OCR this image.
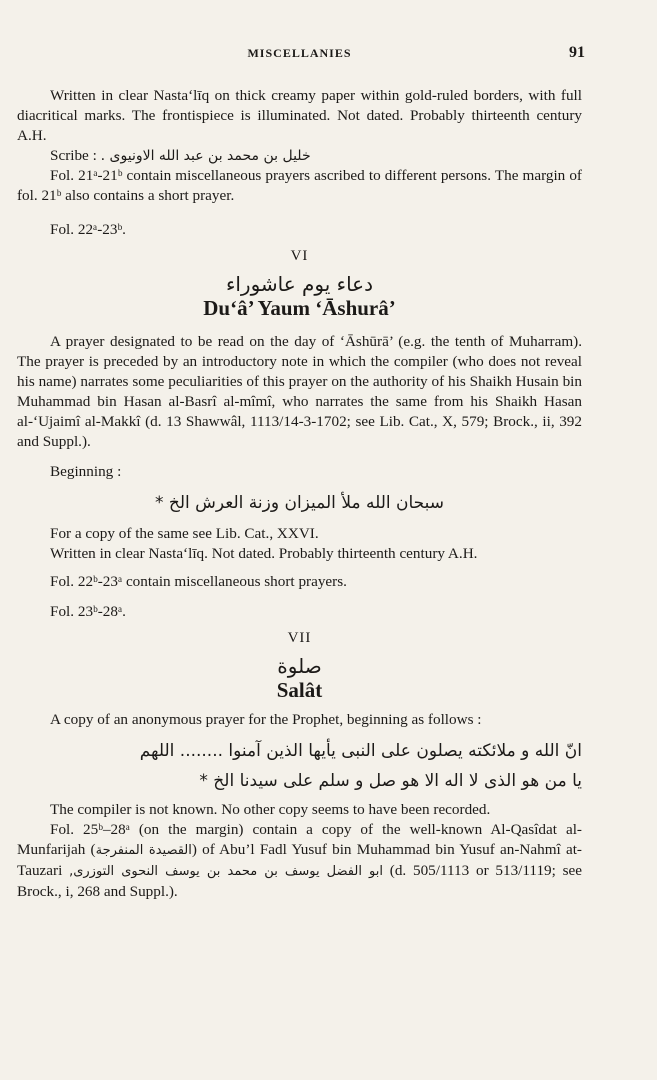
MISCELLANIES	91

Written in clear Nasta‘līq on thick creamy paper within gold-ruled borders, with full diacritical marks. The frontispiece is illuminated. Not dated. Probably thirteenth century A.H.

Scribe : خليل بن محمد بن عبد الله الاونيوى .

Fol. 21ᵃ-21ᵇ contain miscellaneous prayers ascribed to different persons. The margin of fol. 21ᵇ also contains a short prayer.

Fol. 22ᵃ-23ᵇ.

VI
دعاء يوم عاشوراء
Du‘â’ Yaum ‘Āshurâ’

A prayer designated to be read on the day of ‘Āshūrā’ (e.g. the tenth of Muharram). The prayer is preceded by an introductory note in which the compiler (who does not reveal his name) narrates some peculiarities of this prayer on the authority of his Shaikh Husain bin Muhammad bin Hasan al-Basrî al-mîmî, who narrates the same from his Shaikh Hasan al-‘Ujaimî al-Makkî (d. 13 Shawwâl, 1113/14-3-1702; see Lib. Cat., X, 579; Brock., ii, 392 and Suppl.).

Beginning :

سبحان الله ملأ الميزان وزنة العرش الخ *

For a copy of the same see Lib. Cat., XXVI.

Written in clear Nasta‘līq. Not dated. Probably thirteenth century A.H.

Fol. 22ᵇ-23ᵃ contain miscellaneous short prayers.

Fol. 23ᵇ-28ᵃ.

VII
صلوة
Salât

A copy of an anonymous prayer for the Prophet, beginning as follows :

انّ الله و ملائكته يصلون على النبى يأيها الذين آمنوا ........ اللهم

يا من هو الذى لا اله الا هو صل و سلم على سيدنا الخ *

The compiler is not known. No other copy seems to have been recorded.

Fol. 25ᵇ–28ᵃ (on the margin) contain a copy of the well-known Al-Qasîdat al-Munfarijah (القصيدة المنفرجة) of Abu’l Fadl Yusuf bin Muhammad bin Yusuf an-Nahmî at-Tauzari ابو الفضل يوسف بن محمد بن يوسف النحوى التوزرى, (d. 505/1113 or 513/1119; see Brock., i, 268 and Suppl.).
